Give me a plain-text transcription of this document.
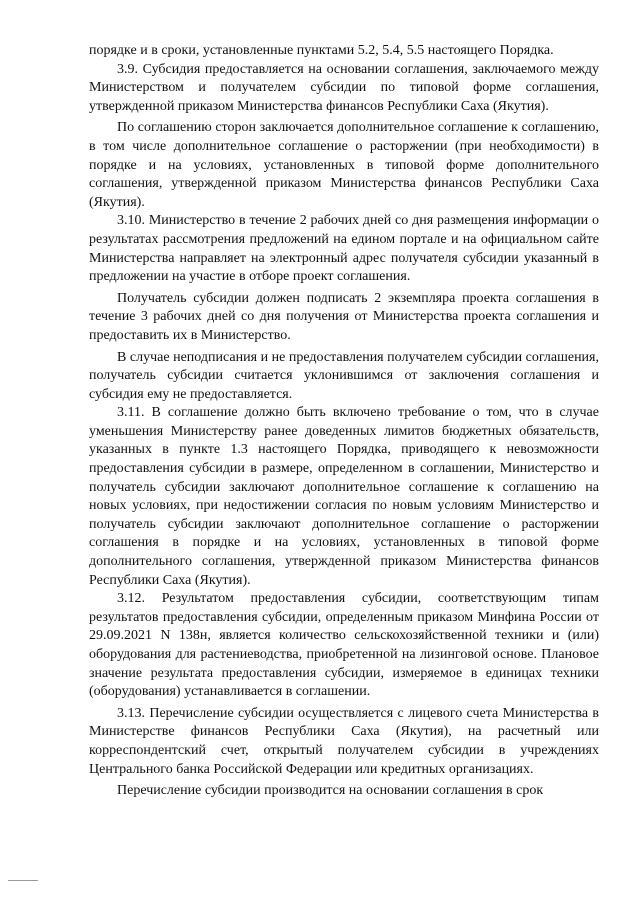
порядке и в сроки, установленные пунктами 5.2, 5.4, 5.5 настоящего Порядка.

3.9. Субсидия предоставляется на основании соглашения, заключаемого между Министерством и получателем субсидии по типовой форме соглашения, утвержденной приказом Министерства финансов Республики Саха (Якутия).

По соглашению сторон заключается дополнительное соглашение к соглашению, в том числе дополнительное соглашение о расторжении (при необходимости) в порядке и на условиях, установленных в типовой форме дополнительного соглашения, утвержденной приказом Министерства финансов Республики Саха (Якутия).

3.10. Министерство в течение 2 рабочих дней со дня размещения информации о результатах рассмотрения предложений на едином портале и на официальном сайте Министерства направляет на электронный адрес получателя субсидии указанный в предложении на участие в отборе проект соглашения.

Получатель субсидии должен подписать 2 экземпляра проекта соглашения в течение 3 рабочих дней со дня получения от Министерства проекта соглашения и предоставить их в Министерство.

В случае неподписания и не предоставления получателем субсидии соглашения, получатель субсидии считается уклонившимся от заключения соглашения и субсидия ему не предоставляется.

3.11. В соглашение должно быть включено требование о том, что в случае уменьшения Министерству ранее доведенных лимитов бюджетных обязательств, указанных в пункте 1.3 настоящего Порядка, приводящего к невозможности предоставления субсидии в размере, определенном в соглашении, Министерство и получатель субсидии заключают дополнительное соглашение к соглашению на новых условиях, при недостижении согласия по новым условиям Министерство и получатель субсидии заключают дополнительное соглашение о расторжении соглашения в порядке и на условиях, установленных в типовой форме дополнительного соглашения, утвержденной приказом Министерства финансов Республики Саха (Якутия).

3.12. Результатом предоставления субсидии, соответствующим типам результатов предоставления субсидии, определенным приказом Минфина России от 29.09.2021 N 138н, является количество сельскохозяйственной техники и (или) оборудования для растениеводства, приобретенной на лизинговой основе. Плановое значение результата предоставления субсидии, измеряемое в единицах техники (оборудования) устанавливается в соглашении.

3.13. Перечисление субсидии осуществляется с лицевого счета Министерства в Министерстве финансов Республики Саха (Якутия), на расчетный или корреспондентский счет, открытый получателем субсидии в учреждениях Центрального банка Российской Федерации или кредитных организациях.

Перечисление субсидии производится на основании соглашения в срок
